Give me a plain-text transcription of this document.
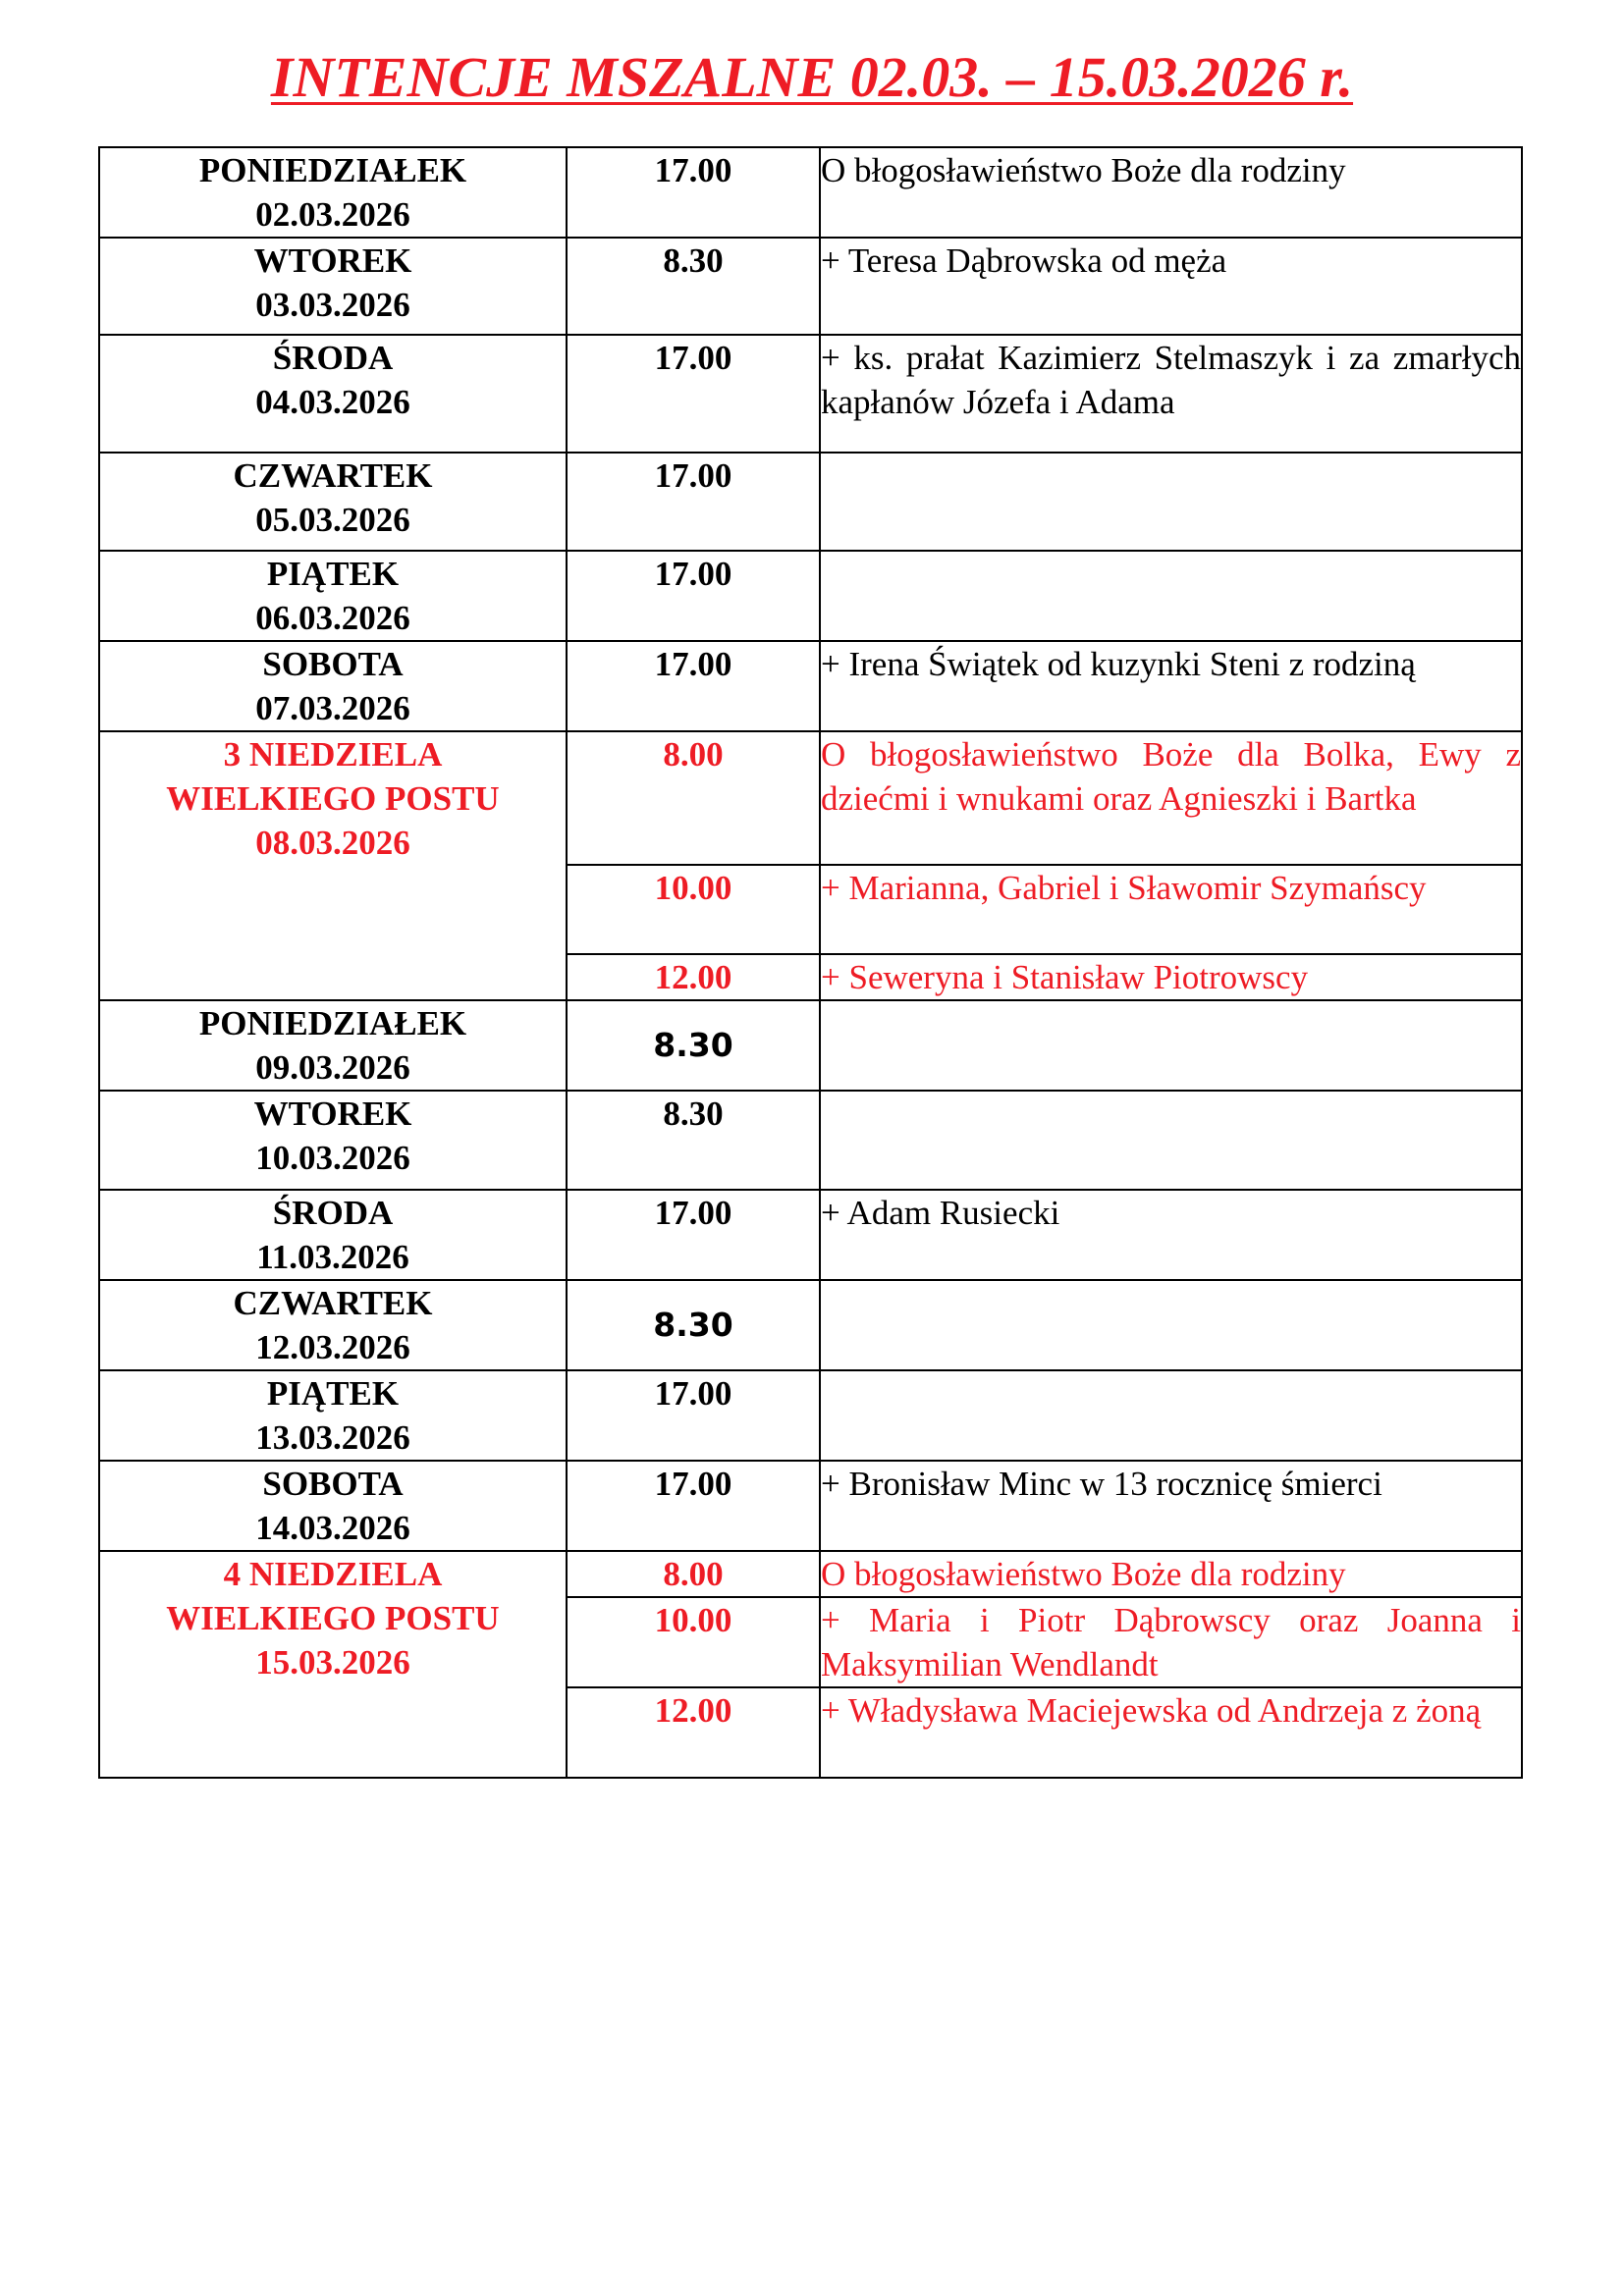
INTENCJE MSZALNE 02.03. – 15.03.2026 r.
PONIEDZIAŁEK
02.03.2026	17.00	O błogosławieństwo Boże dla rodziny

WTOREK
03.03.2026	8.30	+ Teresa Dąbrowska od męża

ŚRODA
04.03.2026	17.00	+ ks. prałat Kazimierz Stelmaszyk i za zmarłych kapłanów Józefa i Adama

CZWARTEK
05.03.2026	17.00	

PIĄTEK
06.03.2026	17.00	

SOBOTA
07.03.2026	17.00	+ Irena Świątek od kuzynki Steni z rodziną

3 NIEDZIELA
WIELKIEGO POSTU
08.03.2026	8.00	O błogosławieństwo Boże dla Bolka, Ewy z dziećmi i wnukami oraz Agnieszki i Bartka
	10.00	+ Marianna, Gabriel i Sławomir Szymańscy
	12.00	+ Seweryna i Stanisław Piotrowscy

PONIEDZIAŁEK
09.03.2026	8.30	

WTOREK
10.03.2026	8.30	

ŚRODA
11.03.2026	17.00	+ Adam Rusiecki

CZWARTEK
12.03.2026	8.30	

PIĄTEK
13.03.2026	17.00	

SOBOTA
14.03.2026	17.00	+ Bronisław Minc w 13 rocznicę śmierci

4 NIEDZIELA
WIELKIEGO POSTU
15.03.2026	8.00	O błogosławieństwo Boże dla rodziny
	10.00	+ Maria i Piotr Dąbrowscy oraz Joanna i Maksymilian Wendlandt
	12.00	+ Władysława Maciejewska od Andrzeja z żoną
